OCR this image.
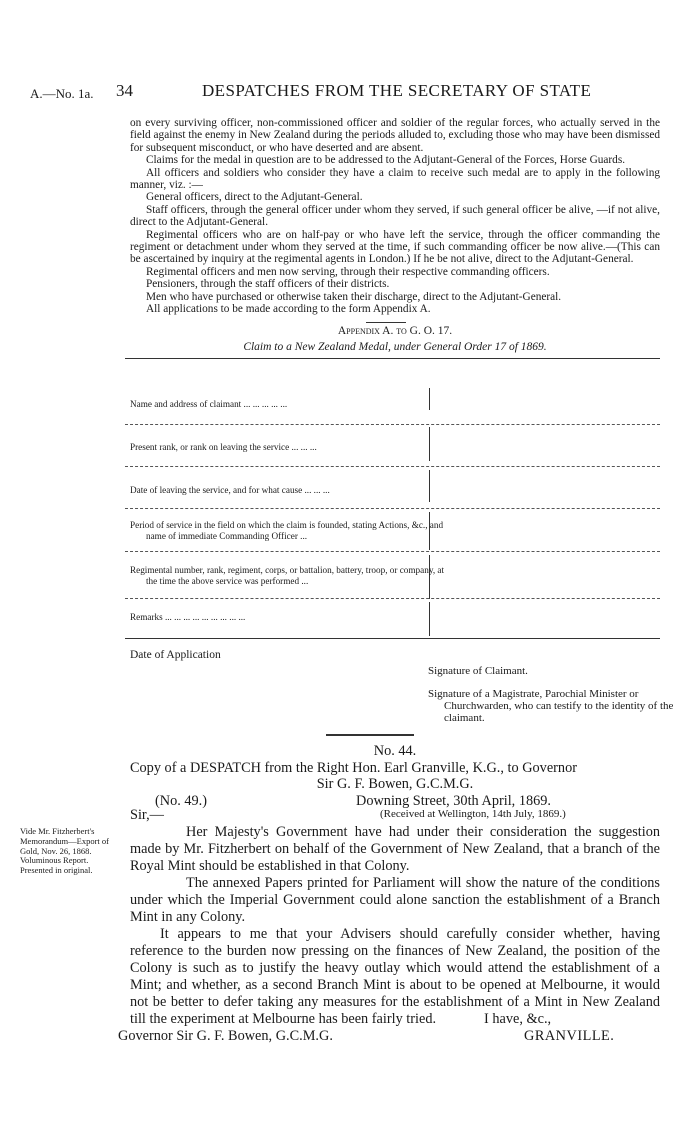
A.—No. 1a. 34	DESPATCHES FROM THE SECRETARY OF STATE

on every surviving officer, non-commissioned officer and soldier of the regular forces, who actually served in the field against the enemy in New Zealand during the periods alluded to, excluding those who may have been dismissed for subsequent misconduct, or who have deserted and are absent.

Claims for the medal in question are to be addressed to the Adjutant-General of the Forces, Horse Guards.

All officers and soldiers who consider they have a claim to receive such medal are to apply in the following manner, viz. :—

General officers, direct to the Adjutant-General.

Staff officers, through the general officer under whom they served, if such general officer be alive, —if not alive, direct to the Adjutant-General.

Regimental officers who are on half-pay or who have left the service, through the officer commanding the regiment or detachment under whom they served at the time, if such commanding officer be now alive.—(This can be ascertained by inquiry at the regimental agents in London.) If he be not alive, direct to the Adjutant-General.

Regimental officers and men now serving, through their respective commanding officers.

Pensioners, through the staff officers of their districts.

Men who have purchased or otherwise taken their discharge, direct to the Adjutant-General.

All applications to be made according to the form Appendix A.

Appendix A. to G. O. 17.
Claim to a New Zealand Medal, under General Order 17 of 1869.
Name and address of claimant ... ... ... ... ...
Present rank, or rank on leaving the service ... ... ...
Date of leaving the service, and for what cause ... ... ...
Period of service in the field on which the claim is founded, stating Actions, &c., and name of immediate Commanding Officer ...
Regimental number, rank, regiment, corps, or battalion, battery, troop, or company, at the time the above service was performed ...
Remarks ... ... ... ... ... ... ... ... ...
Date of Application
Signature of Claimant.
Signature of a Magistrate, Parochial Minister or Churchwarden, who can testify to the identity of the claimant.
No. 44.
Copy of a DESPATCH from the Right Hon. Earl Granville, K.G., to Governor
Sir G. F. Bowen, G.C.M.G.
(No. 49.)	Downing Street, 30th April, 1869.
(Received at Wellington, 14th July, 1869.)
Sir,—
Vide Mr. Fitzherbert's Memorandum—Export of Gold, Nov. 26, 1868. Voluminous Report. Presented in original.

Her Majesty's Government have had under their consideration the suggestion made by Mr. Fitzherbert on behalf of the Government of New Zealand, that a branch of the Royal Mint should be established in that Colony.

The annexed Papers printed for Parliament will show the nature of the conditions under which the Imperial Government could alone sanction the establishment of a Branch Mint in any Colony.

It appears to me that your Advisers should carefully consider whether, having reference to the burden now pressing on the finances of New Zealand, the position of the Colony is such as to justify the heavy outlay which would attend the establishment of a Mint; and whether, as a second Branch Mint is about to be opened at Melbourne, it would not be better to defer taking any measures for the establishment of a Mint in New Zealand till the experiment at Melbourne has been fairly tried.	I have, &c.,
Governor Sir G. F. Bowen, G.C.M.G.	GRANVILLE.
